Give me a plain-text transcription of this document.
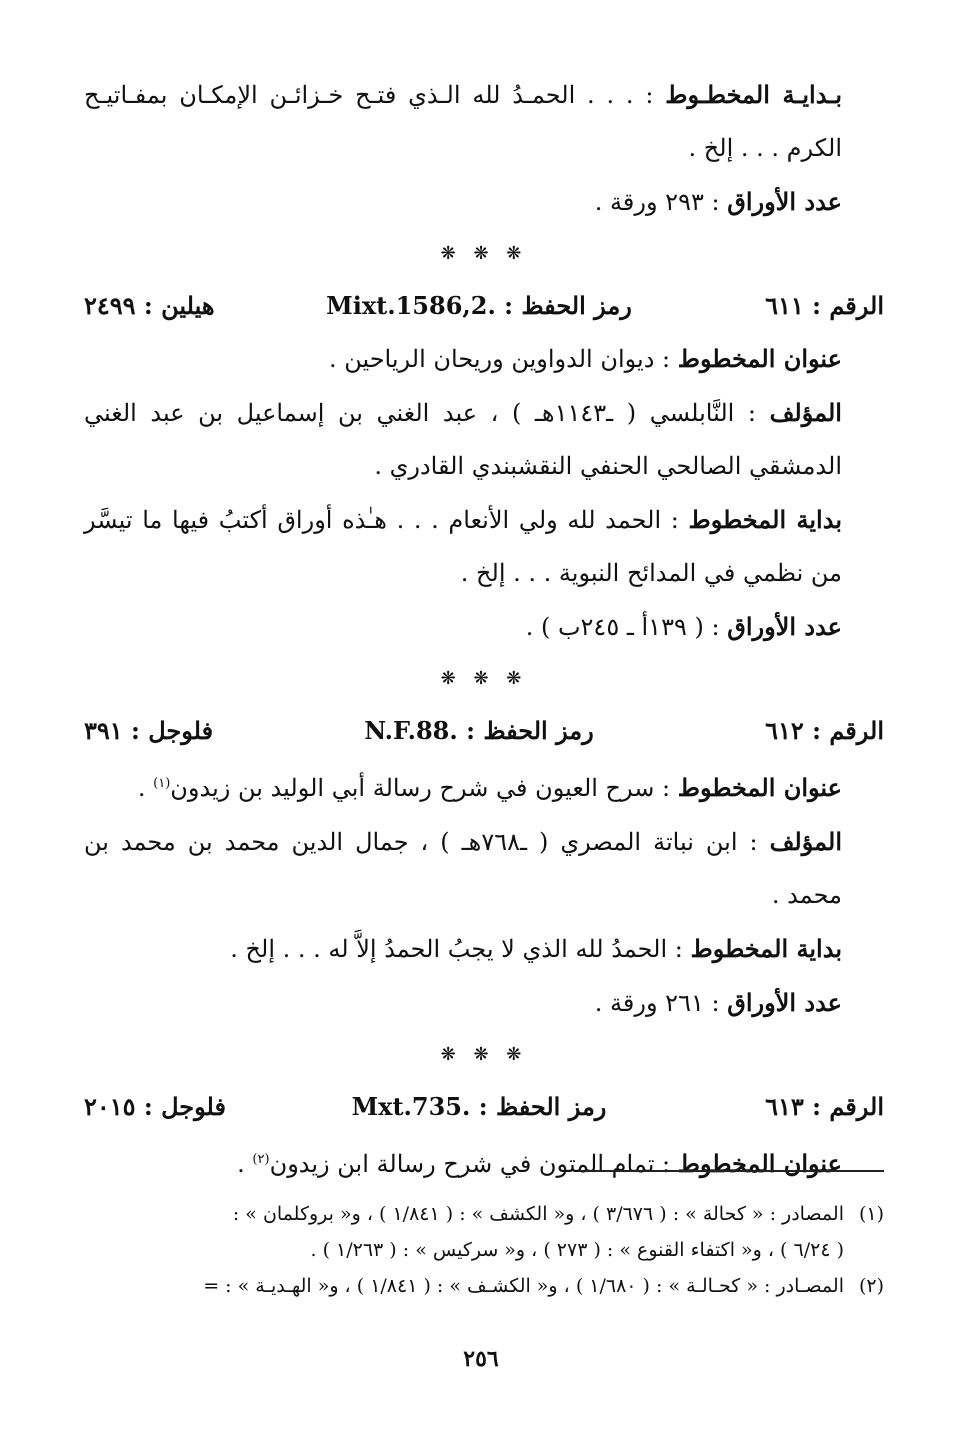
بـدايـة المخطـوط : . . . الحمـدُ لله الـذي فتـح خـزائـن الإمكـان بمفـاتيـح الكرم . . . إلخ .

عدد الأوراق : ٢٩٣ ورقة .

❋ ❋ ❋
الرقم : ٦١١
رمز الحفظ : Mixt.1586,2.
هيلين : ٢٤٩٩

عنوان المخطوط : ديوان الدواوين وريحان الرياحين .

المؤلف : النَّابلسي ( ـ١١٤٣هـ ) ، عبد الغني بن إسماعيل بن عبد الغني الدمشقي الصالحي الحنفي النقشبندي القادري .

بداية المخطوط : الحمد لله ولي الأنعام . . . هـٰذه أوراق أكتبُ فيها ما تيسَّر من نظمي في المدائح النبوية . . . إلخ .

عدد الأوراق : ( ١٣٩أ ـ ٢٤٥ب ) .

❋ ❋ ❋
الرقم : ٦١٢
رمز الحفظ : N.F.88.
فلوجل : ٣٩١

عنوان المخطوط : سرح العيون في شرح رسالة أبي الوليد بن زيدون$^{(١)}$ .

المؤلف : ابن نباتة المصري ( ـ٧٦٨هـ ) ، جمال الدين محمد بن محمد بن محمد .

بداية المخطوط : الحمدُ لله الذي لا يجبُ الحمدُ إلاَّ له . . . إلخ .

عدد الأوراق : ٢٦١ ورقة .

❋ ❋ ❋
الرقم : ٦١٣
رمز الحفظ : Mxt.735.
فلوجل : ٢٠١٥

عنوان المخطوط : تمام المتون في شرح رسالة ابن زيدون$^{(٢)}$ .

(١)المصادر : « كحالة » : ( ٣/٦٧٦ ) ، و« الكشف » : ( ١/٨٤١ ) ، و« بروكلمان » :

( ٦/٢٤ ) ، و« اكتفاء القنوع » : ( ٢٧٣ ) ، و« سركيس » : ( ١/٢٦٣ ) .

(٢)المصـادر : « كحـالـة » : ( ١/٦٨٠ ) ، و« الكشـف » : ( ١/٨٤١ ) ، و« الهـديـة » : =

٢٥٦
